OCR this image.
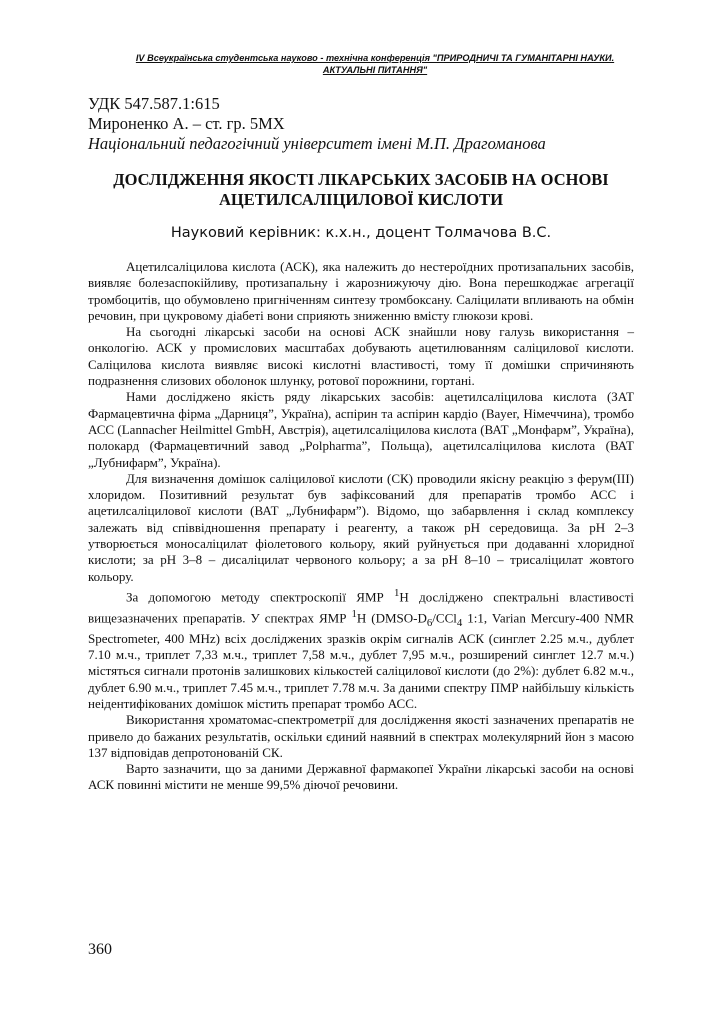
IV Всеукраїнська студентська науково - технічна конференція "ПРИРОДНИЧІ ТА ГУМАНІТАРНІ НАУКИ.
АКТУАЛЬНІ ПИТАННЯ"
УДК 547.587.1:615
Мироненко А. – ст. гр. 5МХ
Національний педагогічний університет імені М.П. Драгоманова
ДОСЛІДЖЕННЯ ЯКОСТІ ЛІКАРСЬКИХ ЗАСОБІВ НА ОСНОВІ
АЦЕТИЛСАЛІЦИЛОВОЇ КИСЛОТИ
Науковий керівник: к.х.н., доцент Толмачова В.С.

Ацетилсаліцилова кислота (АСК), яка належить до нестероїдних протизапальних засобів, виявляє болезаспокійливу, протизапальну і жарознижуючу дію. Вона перешкоджає агрегації тромбоцитів, що обумовлено пригніченням синтезу тромбоксану. Саліцилати впливають на обмін речовин, при цукровому діабеті вони сприяють зниженню вмісту глюкози крові.

На сьогодні лікарські засоби на основі АСК знайшли нову галузь використання – онкологію. АСК у промислових масштабах добувають ацетилюванням саліцилової кислоти. Саліцилова кислота виявляє високі кислотні властивості, тому її домішки спричиняють подразнення слизових оболонок шлунку, ротової порожнини, гортані.

Нами досліджено якість ряду лікарських засобів: ацетилсаліцилова кислота (ЗАТ Фармацевтична фірма „Дарниця”, Україна), аспірин та аспірин кардіо (Bayer, Німеччина), тромбо АСС (Lannacher Heilmittel GmbH, Австрія), ацетилсаліцилова кислота (ВАТ „Монфарм”, Україна), полокард (Фармацевтичний завод „Polpharma”, Польща), ацетилсаліцилова кислота (ВАТ „Лубнифарм”, Україна).

Для визначення домішок саліцилової кислоти (СК) проводили якісну реакцію з ферум(ІІІ) хлоридом. Позитивний результат був зафіксований для препаратів тромбо АСС і ацетилсаліцилової кислоти (ВАТ „Лубнифарм”). Відомо, що забарвлення і склад комплексу залежать від співвідношення препарату і реагенту, а також pH середовища. За pH 2–3 утворюється моносаліцилат фіолетового кольору, який руйнується при додаванні хлоридної кислоти; за pH 3–8 – дисаліцилат червоного кольору; а за pH 8–10 – трисаліцилат жовтого кольору.

За допомогою методу спектроскопії ЯМР $^1$Н досліджено спектральні властивості вищезазначених препаратів. У спектрах ЯМР $^1$H ($DMSO-D_6/CCl_4$ 1:1, Varian Mercury-400 NMR Spectrometer, 400 MHz) всіх досліджених зразків окрім сигналів АСК (синглет 2.25 м.ч., дублет 7.10 м.ч., триплет 7,33 м.ч., триплет 7,58 м.ч., дублет 7,95 м.ч., розширений синглет 12.7 м.ч.) містяться сигнали протонів залишкових кількостей саліцилової кислоти (до 2%): дублет 6.82 м.ч., дублет 6.90 м.ч., триплет 7.45 м.ч., триплет 7.78 м.ч. За даними спектру ПМР найбільшу кількість неідентифікованих домішок містить препарат тромбо АСС.

Використання хроматомас-спектрометрії для дослідження якості зазначених препаратів не привело до бажаних результатів, оскільки єдиний наявний в спектрах молекулярний йон з масою 137 відповідав депротонованій СК.

Варто зазначити, що за даними Державної фармакопеї України лікарські засоби на основі АСК повинні містити не менше 99,5% діючої речовини.

360
